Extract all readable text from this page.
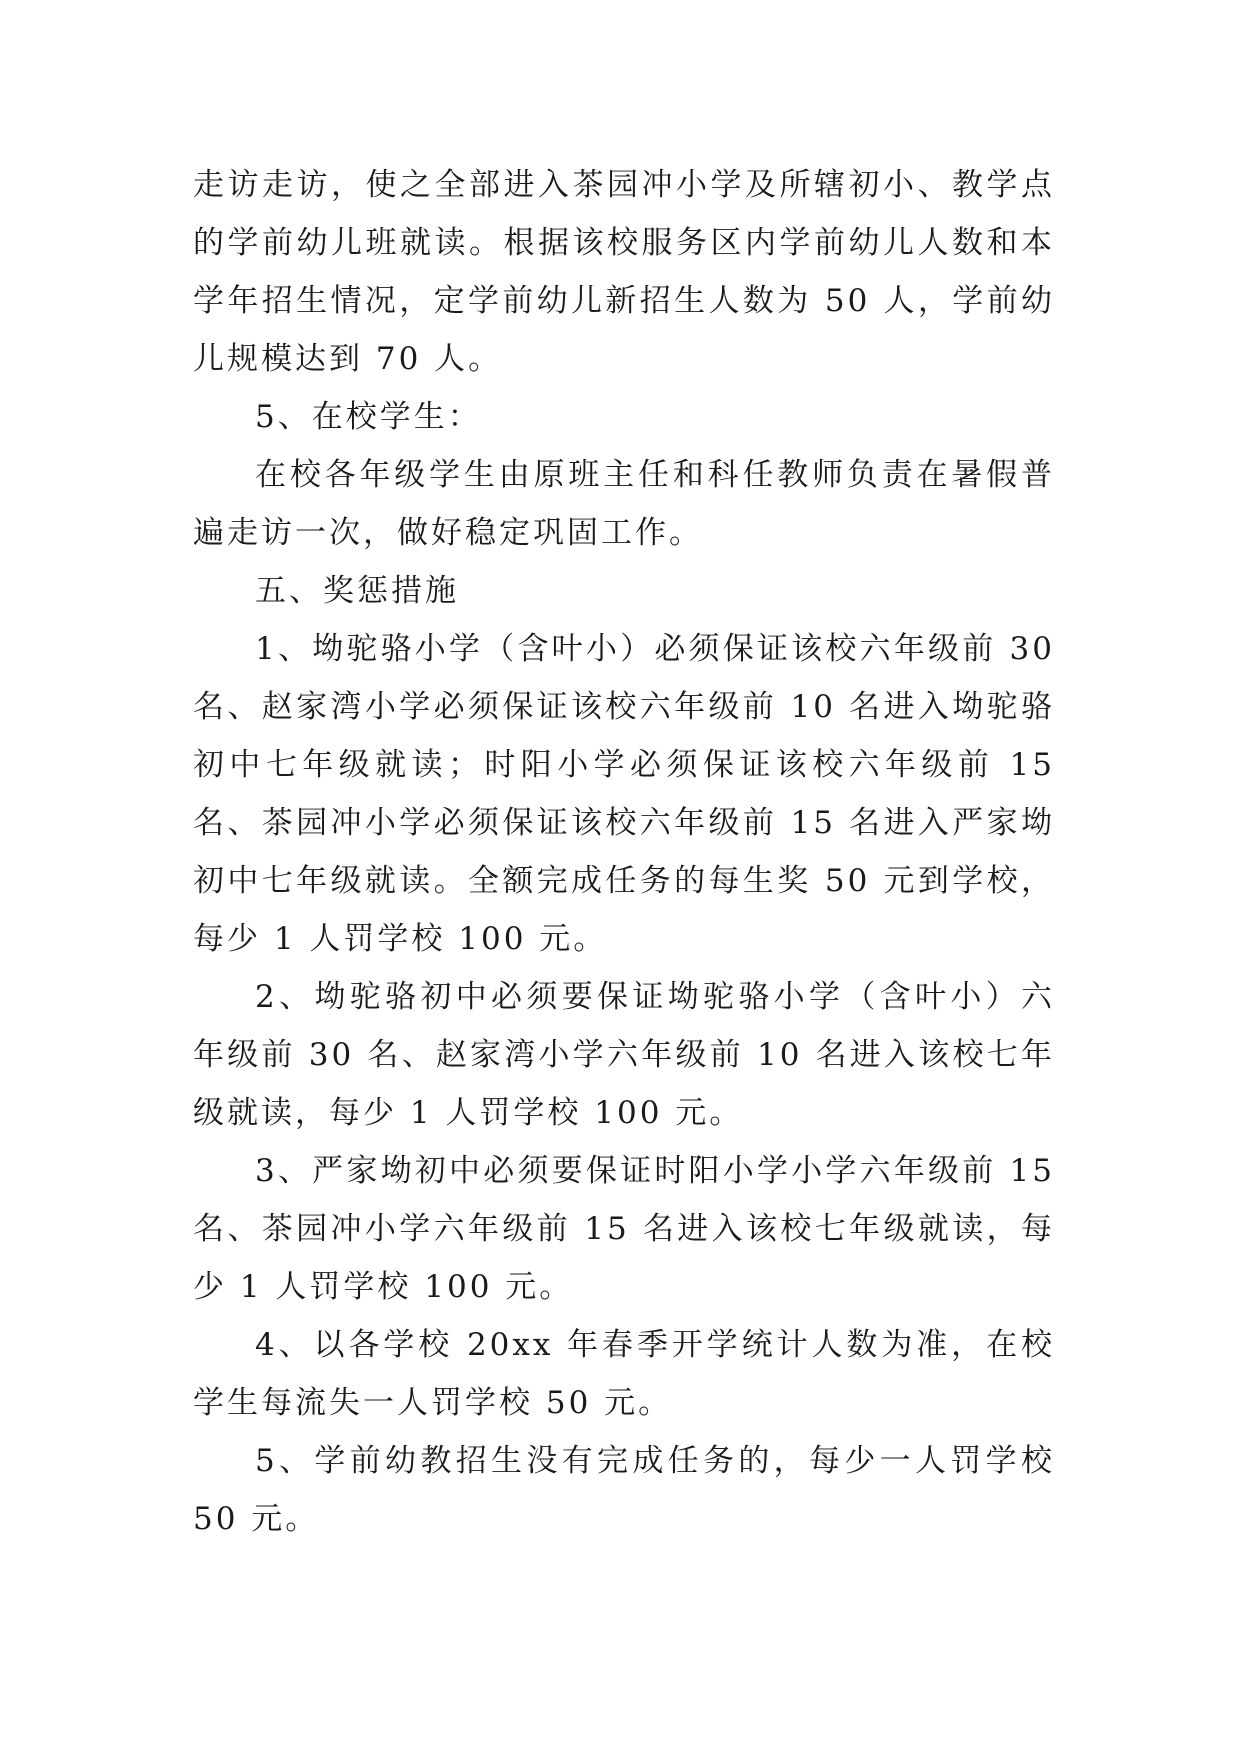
走访走访，使之全部进入茶园冲小学及所辖初小、教学点的学前幼儿班就读。根据该校服务区内学前幼儿人数和本学年招生情况，定学前幼儿新招生人数为 50 人，学前幼儿规模达到 70 人。

5、在校学生：

在校各年级学生由原班主任和科任教师负责在暑假普遍走访一次，做好稳定巩固工作。

五、奖惩措施

1、坳驼骆小学（含叶小）必须保证该校六年级前 30 名、赵家湾小学必须保证该校六年级前 10 名进入坳驼骆初中七年级就读；时阳小学必须保证该校六年级前 15 名、茶园冲小学必须保证该校六年级前 15 名进入严家坳初中七年级就读。全额完成任务的每生奖 50 元到学校，每少 1 人罚学校 100 元。

2、坳驼骆初中必须要保证坳驼骆小学（含叶小）六年级前 30 名、赵家湾小学六年级前 10 名进入该校七年级就读，每少 1 人罚学校 100 元。

3、严家坳初中必须要保证时阳小学小学六年级前 15 名、茶园冲小学六年级前 15 名进入该校七年级就读，每少 1 人罚学校 100 元。

4、以各学校 20xx 年春季开学统计人数为准，在校学生每流失一人罚学校 50 元。

5、学前幼教招生没有完成任务的，每少一人罚学校 50 元。
